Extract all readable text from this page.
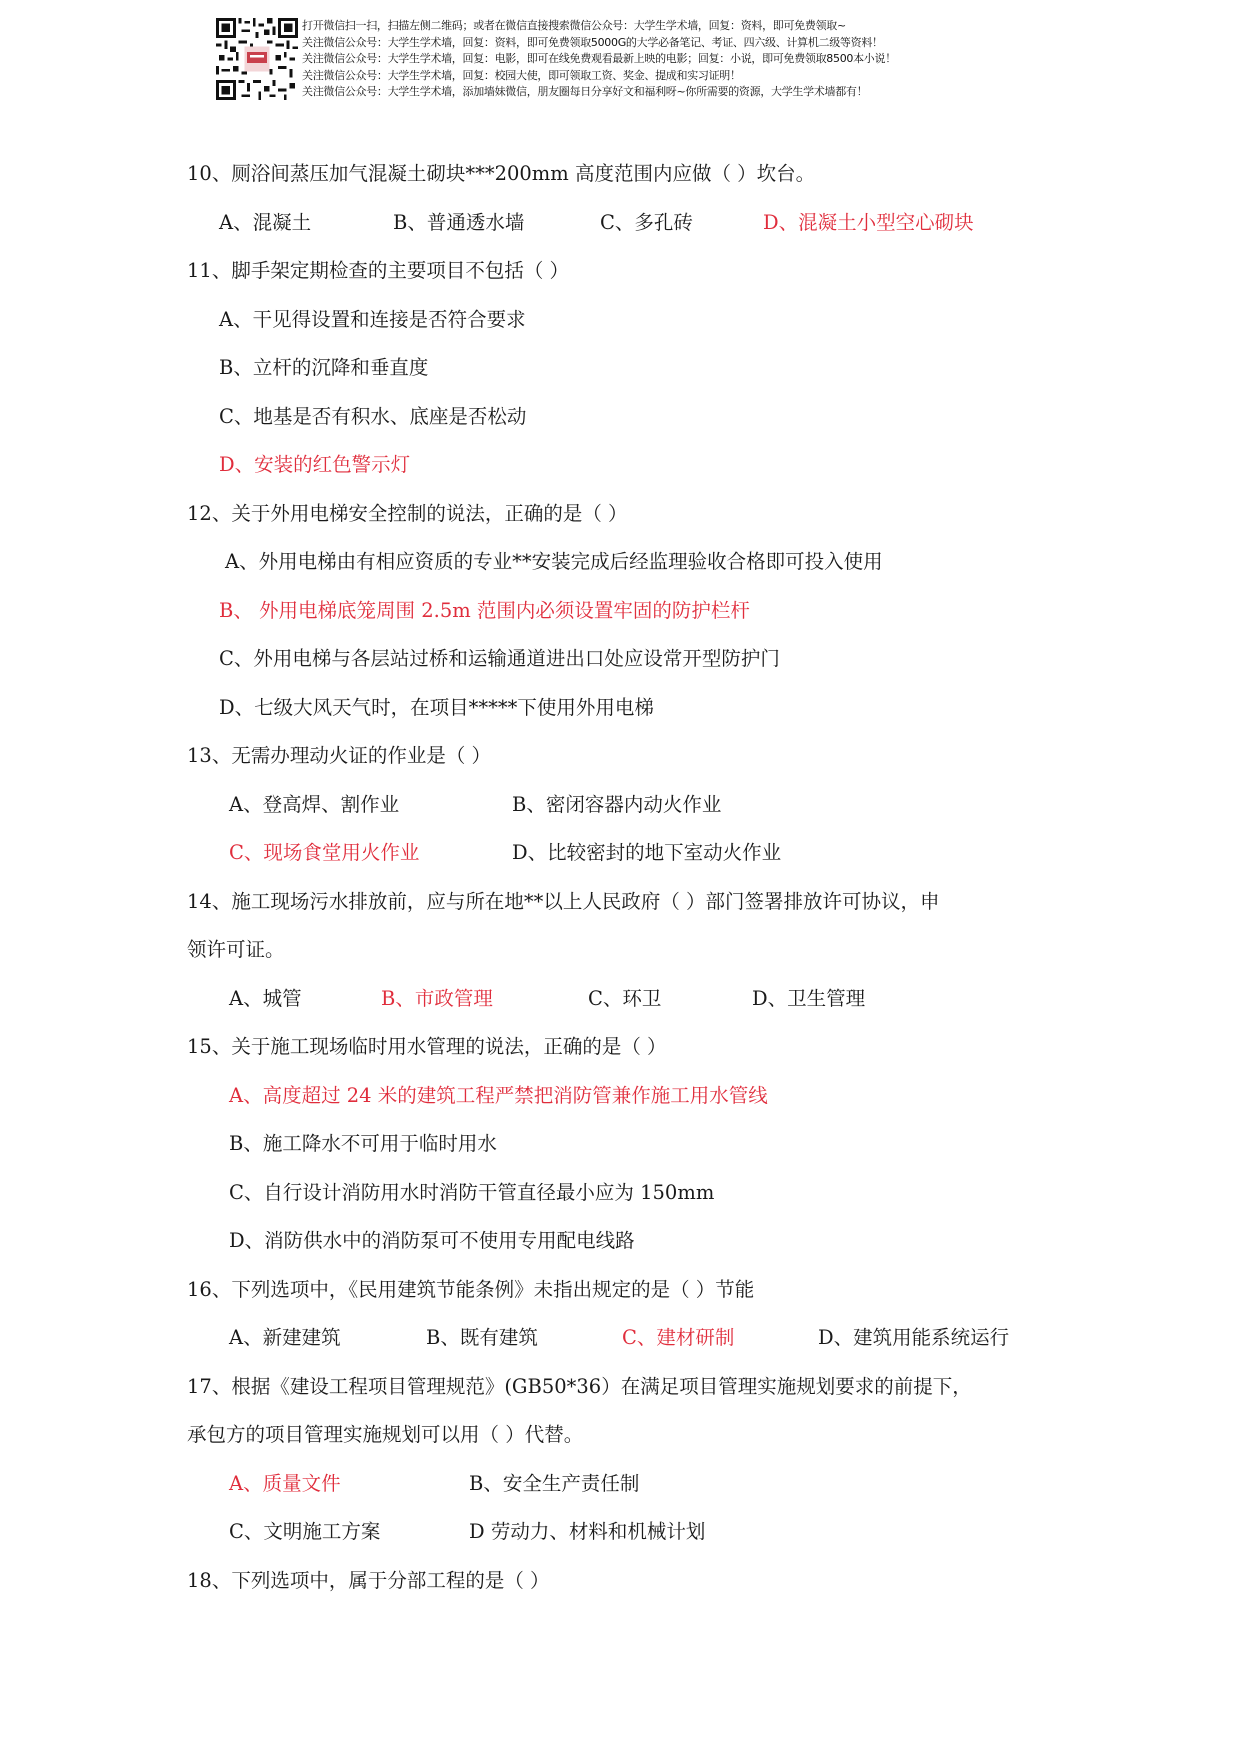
打开微信扫一扫，扫描左侧二维码；或者在微信直接搜索微信公众号：大学生学术墙，回复：资料，即可免费领取~
关注微信公众号：大学生学术墙，回复：资料，即可免费领取5000G的大学必备笔记、考证、四六级、计算机二级等资料！
关注微信公众号：大学生学术墙，回复：电影，即可在线免费观看最新上映的电影；回复：小说，即可免费领取8500本小说！
关注微信公众号：大学生学术墙，回复：校园大使，即可领取工资、奖金、提成和实习证明！
关注微信公众号：大学生学术墙，添加墙妹微信，朋友圈每日分享好文和福利呀~你所需要的资源，大学生学术墙都有！
10、厕浴间蒸压加气混凝土砌块***200mm 高度范围内应做（ ）坎台。
A、混凝土	B、普通透水墙	C、多孔砖	D、混凝土小型空心砌块
11、脚手架定期检查的主要项目不包括（ ）
A、干见得设置和连接是否符合要求
B、立杆的沉降和垂直度
C、地基是否有积水、底座是否松动
D、安装的红色警示灯
12、关于外用电梯安全控制的说法，正确的是（ ）
A、外用电梯由有相应资质的专业**安装完成后经监理验收合格即可投入使用
B、 外用电梯底笼周围 2.5m 范围内必须设置牢固的防护栏杆
C、外用电梯与各层站过桥和运输通道进出口处应设常开型防护门
D、七级大风天气时，在项目*****下使用外用电梯
13、无需办理动火证的作业是（ ）
A、登高焊、割作业	B、密闭容器内动火作业
C、现场食堂用火作业	D、比较密封的地下室动火作业
14、施工现场污水排放前，应与所在地**以上人民政府（ ）部门签署排放许可协议，申
领许可证。
A、城管	B、市政管理	C、环卫	D、卫生管理
15、关于施工现场临时用水管理的说法，正确的是（ ）
A、高度超过 24 米的建筑工程严禁把消防管兼作施工用水管线
B、施工降水不可用于临时用水
C、自行设计消防用水时消防干管直径最小应为 150mm
D、消防供水中的消防泵可不使用专用配电线路
16、下列选项中，《民用建筑节能条例》未指出规定的是（ ）节能
A、新建建筑	B、既有建筑	C、建材研制	D、建筑用能系统运行
17、根据《建设工程项目管理规范》(GB50*36）在满足项目管理实施规划要求的前提下，
承包方的项目管理实施规划可以用（ ）代替。
A、质量文件	B、安全生产责任制
C、文明施工方案	D 劳动力、材料和机械计划
18、下列选项中，属于分部工程的是（ ）
